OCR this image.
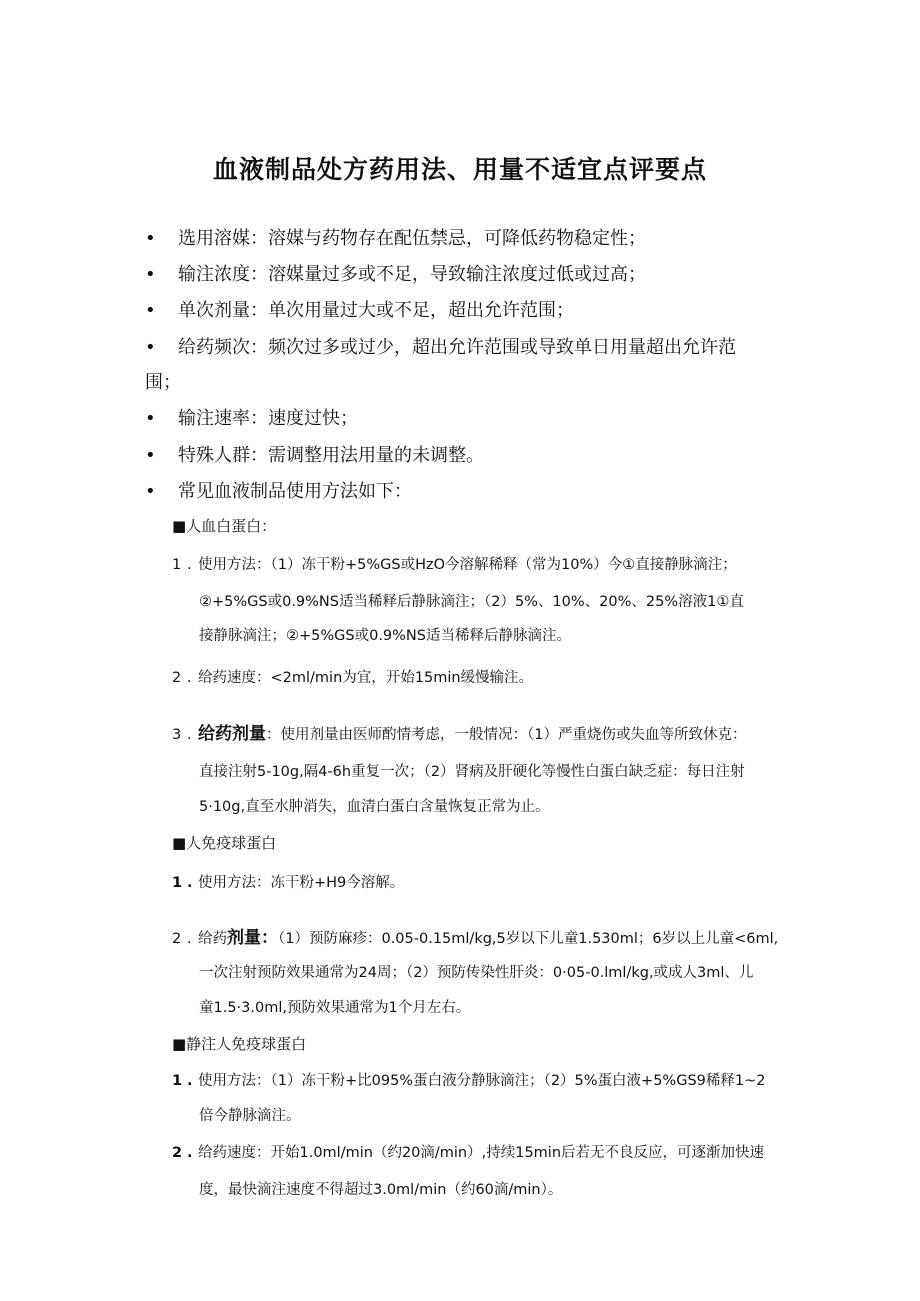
血液制品处方药用法、用量不适宜点评要点
• 选用溶媒：溶媒与药物存在配伍禁忌，可降低药物稳定性；
• 输注浓度：溶媒量过多或不足，导致输注浓度过低或过高；
• 单次剂量：单次用量过大或不足，超出允许范围；
• 给药频次：频次过多或过少，超出允许范围或导致单日用量超出允许范
围；
• 输注速率：速度过快；
• 特殊人群：需调整用法用量的未调整。
• 常见血液制品使用方法如下：
■人血白蛋白：
1 . 使用方法：（1）冻干粉+5%GS或HzO今溶解稀释（常为10%）今①直接静脉滴注；
②+5%GS或0.9%NS适当稀释后静脉滴注；（2）5%、10%、20%、25%溶液1①直
接静脉滴注；②+5%GS或0.9%NS适当稀释后静脉滴注。
2 . 给药速度：<2ml∕min为宜，开始15min缓慢输注。
3 . 给药剂量：使用剂量由医师酌情考虑，一般情况：（1）严重烧伤或失血等所致休克：
直接注射5-10g,隔4-6h重复一次；（2）肾病及肝硬化等慢性白蛋白缺乏症：每日注射
5·10g,直至水肿消失，血清白蛋白含量恢复正常为止。
■人免疫球蛋白
1 . 使用方法：冻干粉+H9今溶解。
2 . 给药剂量：（1）预防麻疹：0.05-0.15ml∕kg,5岁以下儿童1.530ml；6岁以上儿童<6ml,
一次注射预防效果通常为24周；（2）预防传染性肝炎：0·05-0.lml∕kg,或成人3ml、儿
童1.5·3.0ml,预防效果通常为1个月左右。
■静注人免疫球蛋白
1 . 使用方法：（1）冻干粉+比095%蛋白液分静脉滴注；（2）5%蛋白液+5%GS9稀释1~2
倍今静脉滴注。
2 . 给药速度：开始1.0ml∕min（约20滴∕min）,持续15min后若无不良反应，可逐渐加快速
度，最快滴注速度不得超过3.0ml∕min（约60滴∕min）。
